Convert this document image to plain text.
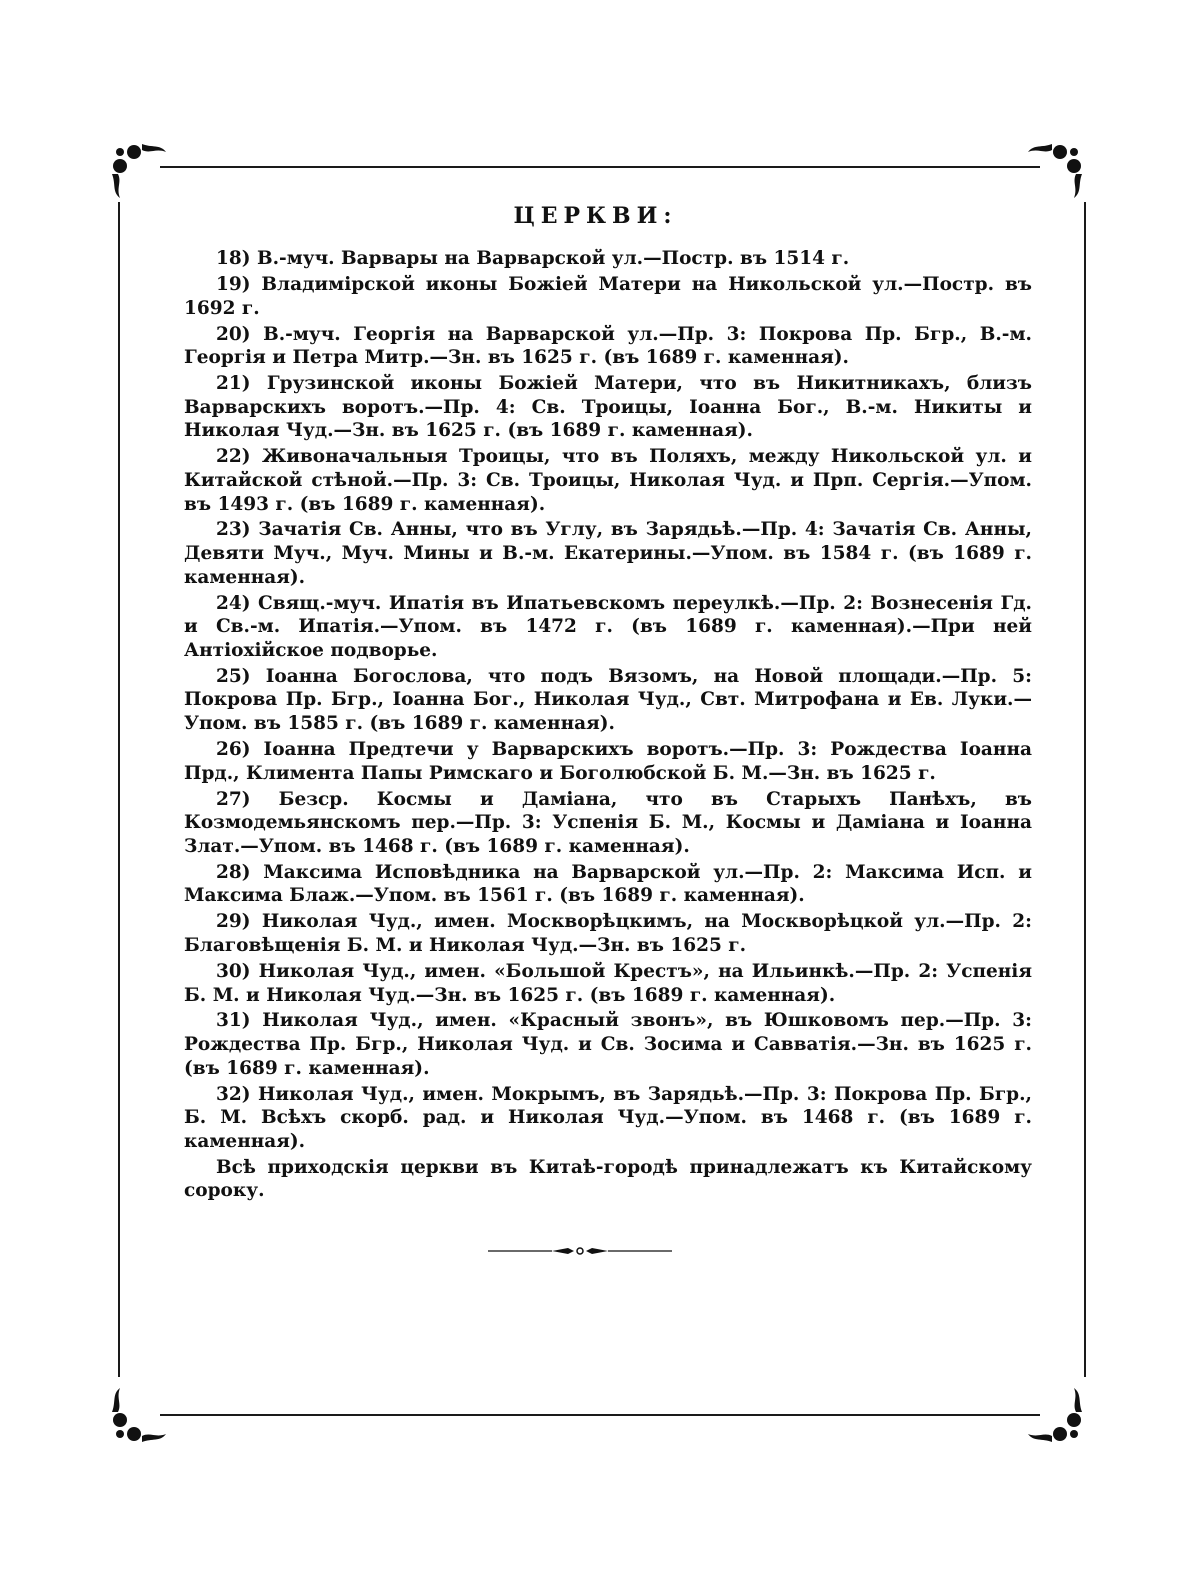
ЦЕРКВИ:

18) В.-муч. Варвары на Варварской ул.—Постр. въ 1514 г.

19) Владимірской иконы Божіей Матери на Никольской ул.—Постр. въ 1692 г.

20) В.-муч. Георгія на Варварской ул.—Пр. 3: Покрова Пр. Бгр., В.-м. Георгія и Петра Митр.—Зн. въ 1625 г. (въ 1689 г. каменная).

21) Грузинской иконы Божіей Матери, что въ Никитникахъ, близъ Варварскихъ воротъ.—Пр. 4: Св. Троицы, Іоанна Бог., В.-м. Никиты и Николая Чуд.—Зн. въ 1625 г. (въ 1689 г. каменная).

22) Живоначальныя Троицы, что въ Поляхъ, между Никольской ул. и Китайской стѣной.—Пр. 3: Св. Троицы, Николая Чуд. и Прп. Сергія.—Упом. въ 1493 г. (въ 1689 г. каменная).

23) Зачатія Св. Анны, что въ Углу, въ Зарядьѣ.—Пр. 4: Зачатія Св. Анны, Девяти Муч., Муч. Мины и В.-м. Екатерины.—Упом. въ 1584 г. (въ 1689 г. каменная).

24) Свящ.-муч. Ипатія въ Ипатьевскомъ переулкѣ.—Пр. 2: Вознесенія Гд. и Св.-м. Ипатія.—Упом. въ 1472 г. (въ 1689 г. каменная).—При ней Антіохійское подворье.

25) Іоанна Богослова, что подъ Вязомъ, на Новой площади.—Пр. 5: Покрова Пр. Бгр., Іоанна Бог., Николая Чуд., Свт. Митрофана и Ев. Луки.—Упом. въ 1585 г. (въ 1689 г. каменная).

26) Іоанна Предтечи у Варварскихъ воротъ.—Пр. 3: Рождества Іоанна Прд., Климента Папы Римскаго и Боголюбской Б. М.—Зн. въ 1625 г.

27) Безср. Космы и Даміана, что въ Старыхъ Панѣхъ, въ Козмодемьянскомъ пер.—Пр. 3: Успенія Б. М., Космы и Даміана и Іоанна Злат.—Упом. въ 1468 г. (въ 1689 г. каменная).

28) Максима Исповѣдника на Варварской ул.—Пр. 2: Максима Исп. и Максима Блаж.—Упом. въ 1561 г. (въ 1689 г. каменная).

29) Николая Чуд., имен. Москворѣцкимъ, на Москворѣцкой ул.—Пр. 2: Благовѣщенія Б. М. и Николая Чуд.—Зн. въ 1625 г.

30) Николая Чуд., имен. «Большой Крестъ», на Ильинкѣ.—Пр. 2: Успенія Б. М. и Николая Чуд.—Зн. въ 1625 г. (въ 1689 г. каменная).

31) Николая Чуд., имен. «Красный звонъ», въ Юшковомъ пер.—Пр. 3: Рождества Пр. Бгр., Николая Чуд. и Св. Зосима и Савватія.—Зн. въ 1625 г. (въ 1689 г. каменная).

32) Николая Чуд., имен. Мокрымъ, въ Зарядьѣ.—Пр. 3: Покрова Пр. Бгр., Б. М. Всѣхъ скорб. рад. и Николая Чуд.—Упом. въ 1468 г. (въ 1689 г. каменная).

Всѣ приходскія церкви въ Китаѣ-городѣ принадлежатъ къ Китайскому сороку.
